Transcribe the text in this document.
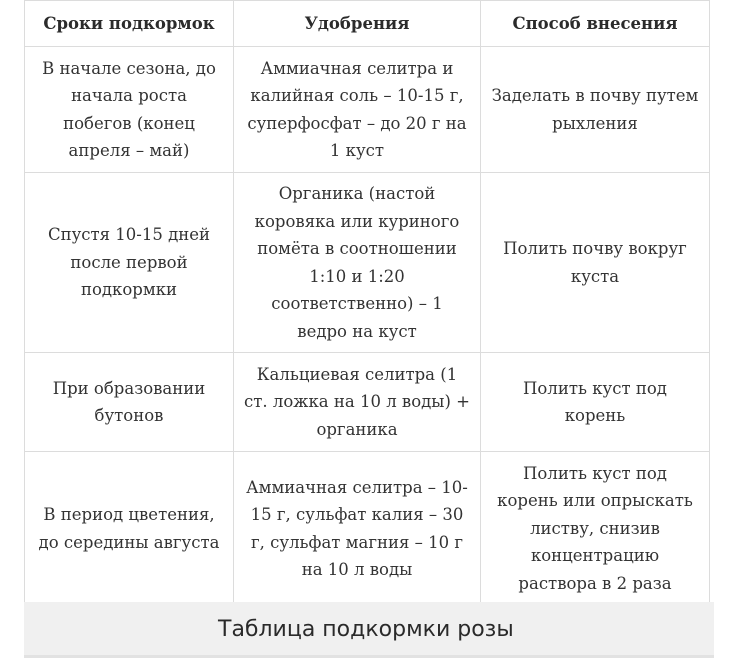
Сроки подкормок	Удобрения	Способ внесения
В начале сезона, до начала роста побегов (конец апреля – май)	Аммиачная селитра и калийная соль – 10-15 г, суперфосфат – до 20 г на 1 куст	Заделать в почву путем рыхления
Спустя 10-15 дней после первой подкормки	Органика (настой коровяка или куриного помёта в соотношении 1:10 и 1:20 соответственно) – 1 ведро на куст	Полить почву вокруг куста
При образовании бутонов	Кальциевая селитра (1 ст. ложка на 10 л воды) + органика	Полить куст под корень
В период цветения, до середины августа	Аммиачная селитра – 10-15 г, сульфат калия – 30 г, сульфат магния – 10 г на 10 л воды	Полить куст под корень или опрыскать листву, снизив концентрацию раствора в 2 раза
Таблица подкормки розы
